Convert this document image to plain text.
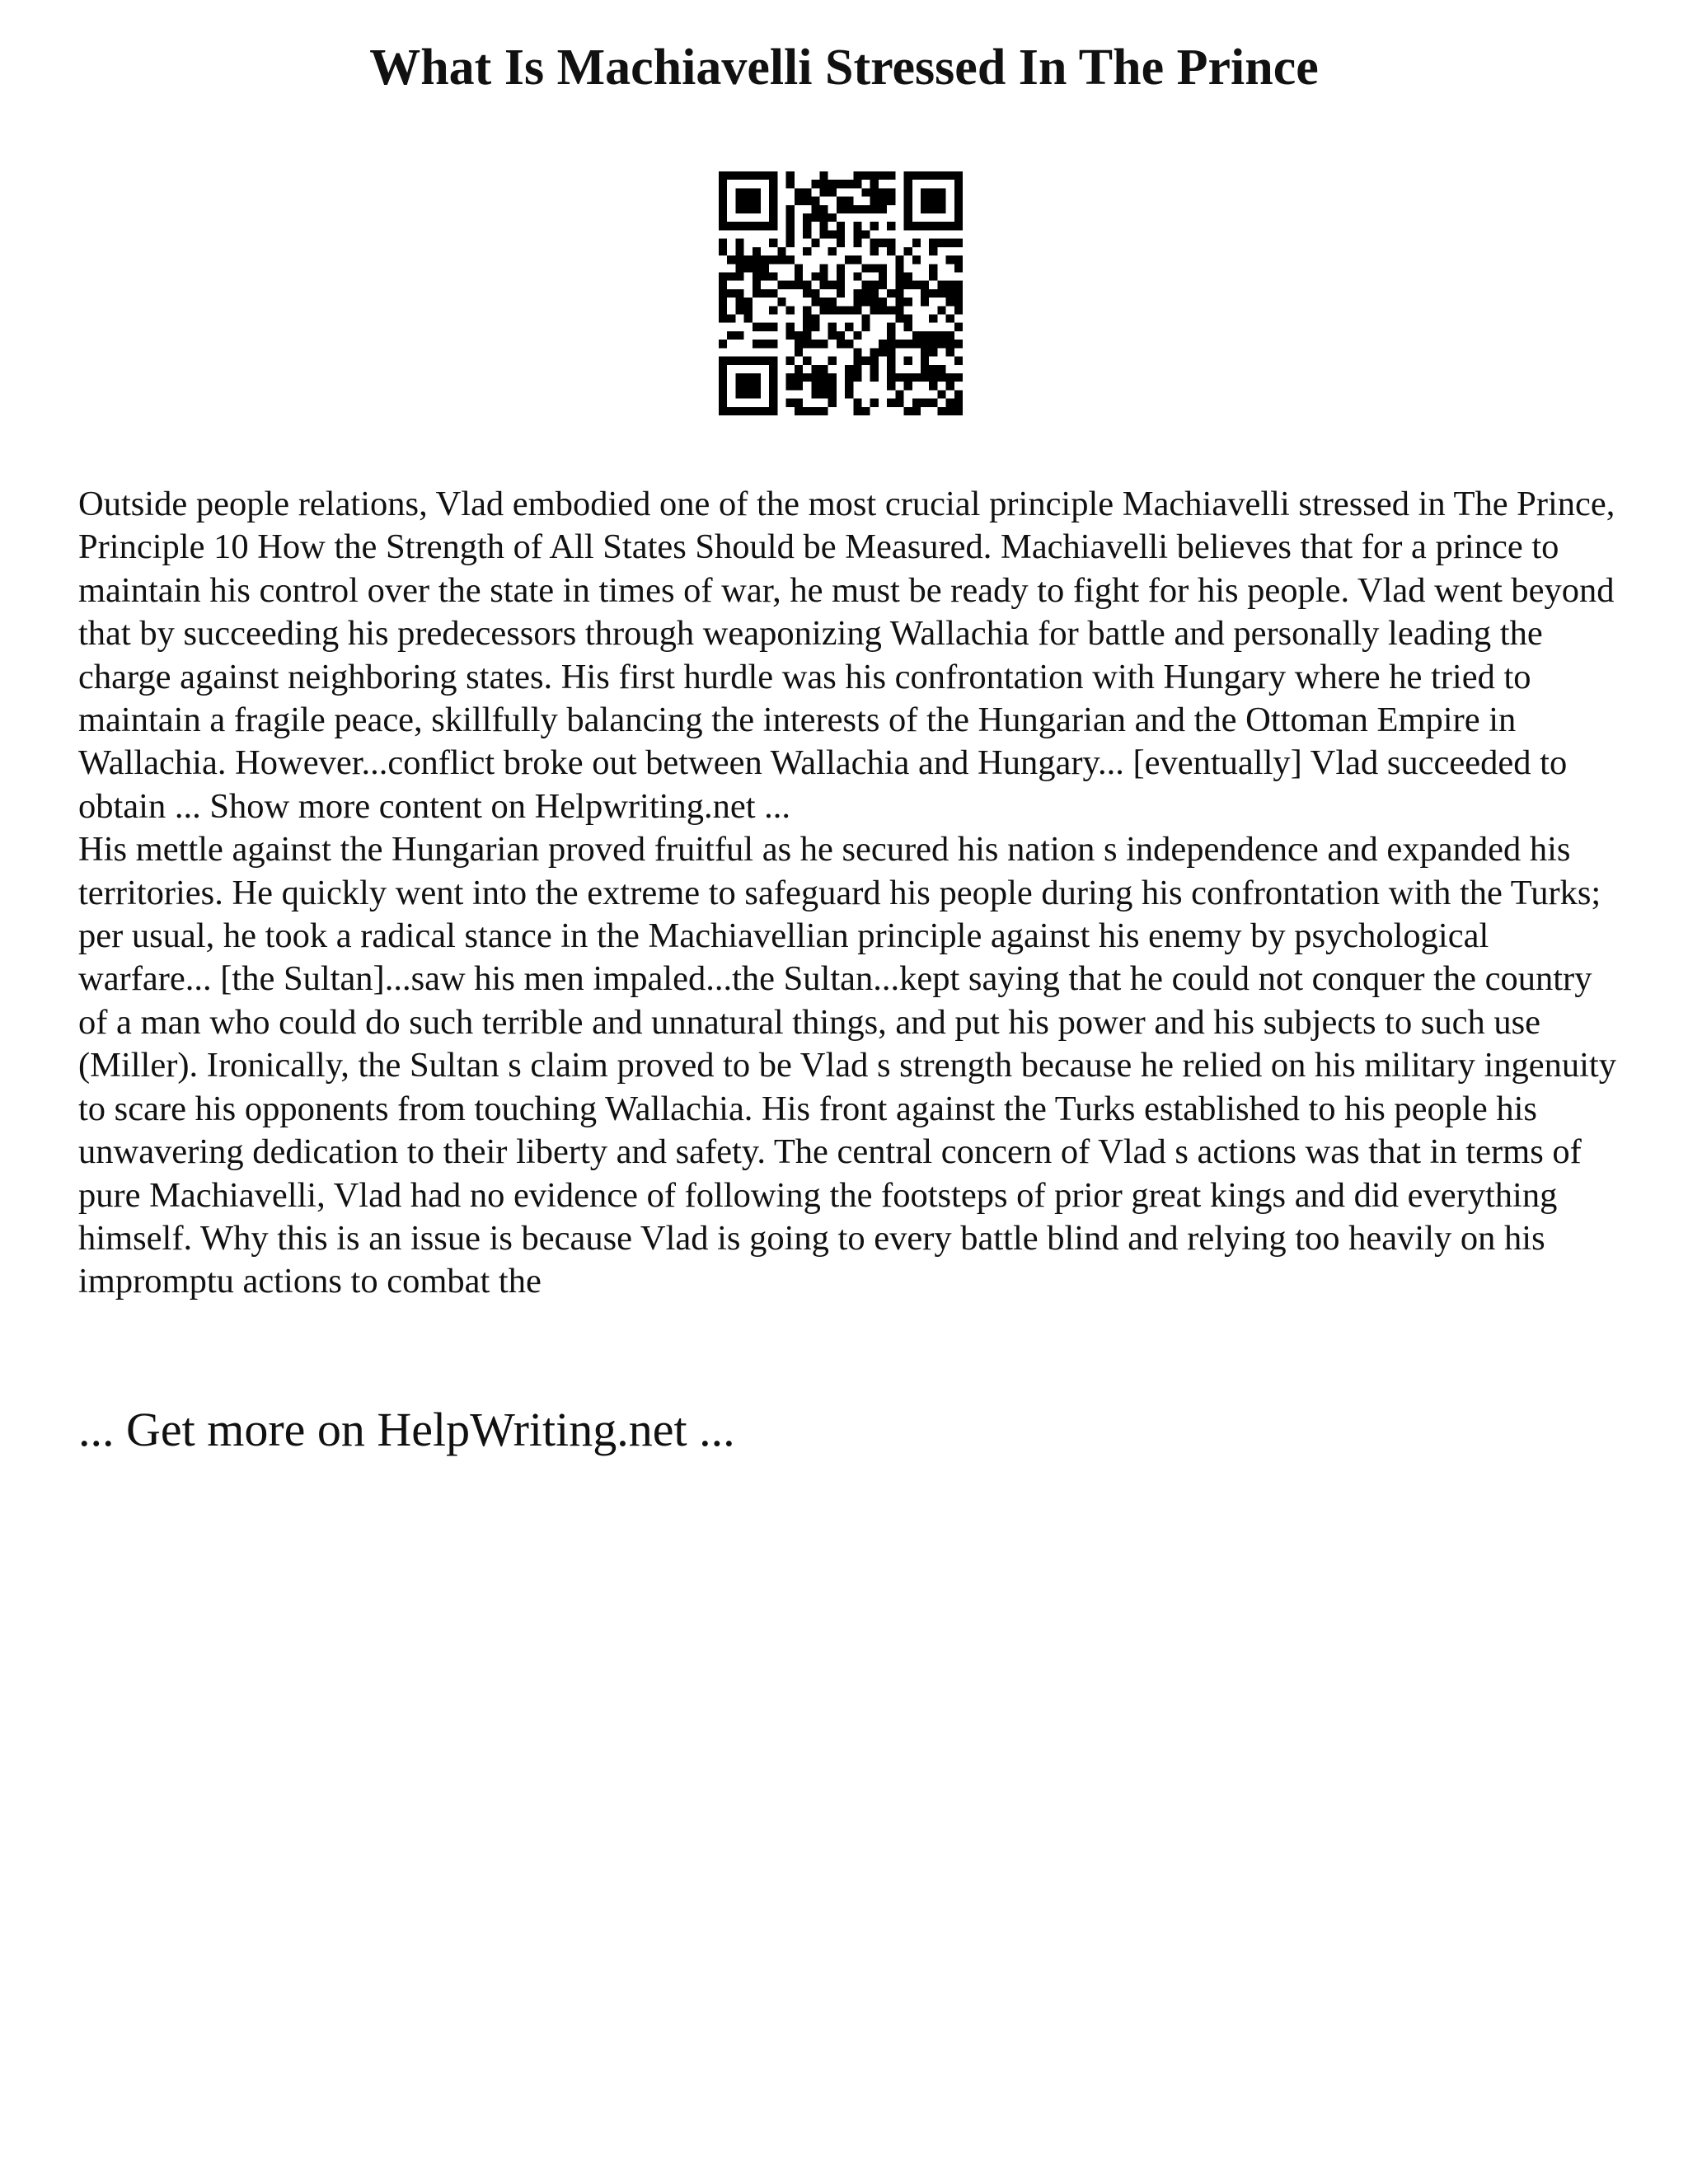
What Is Machiavelli Stressed In The Prince

Outside people relations, Vlad embodied one of the most crucial principle Machiavelli stressed in The Prince, Principle 10 How the Strength of All States Should be Measured. Machiavelli believes that for a prince to maintain his control over the state in times of war, he must be ready to fight for his people. Vlad went beyond that by succeeding his predecessors through weaponizing Wallachia for battle and personally leading the charge against neighboring states. His first hurdle was his confrontation with Hungary where he tried to maintain a fragile peace, skillfully balancing the interests of the Hungarian and the Ottoman Empire in Wallachia. However...conflict broke out between Wallachia and Hungary... [eventually] Vlad succeeded to obtain ... Show more content on Helpwriting.net ...

His mettle against the Hungarian proved fruitful as he secured his nation s independence and expanded his territories. He quickly went into the extreme to safeguard his people during his confrontation with the Turks; per usual, he took a radical stance in the Machiavellian principle against his enemy by psychological warfare... [the Sultan]...saw his men impaled...the Sultan...kept saying that he could not conquer the country of a man who could do such terrible and unnatural things, and put his power and his subjects to such use (Miller). Ironically, the Sultan s claim proved to be Vlad s strength because he relied on his military ingenuity to scare his opponents from touching Wallachia. His front against the Turks established to his people his unwavering dedication to their liberty and safety. The central concern of Vlad s actions was that in terms of pure Machiavelli, Vlad had no evidence of following the footsteps of prior great kings and did everything himself. Why this is an issue is because Vlad is going to every battle blind and relying too heavily on his impromptu actions to combat the

... Get more on HelpWriting.net ...
